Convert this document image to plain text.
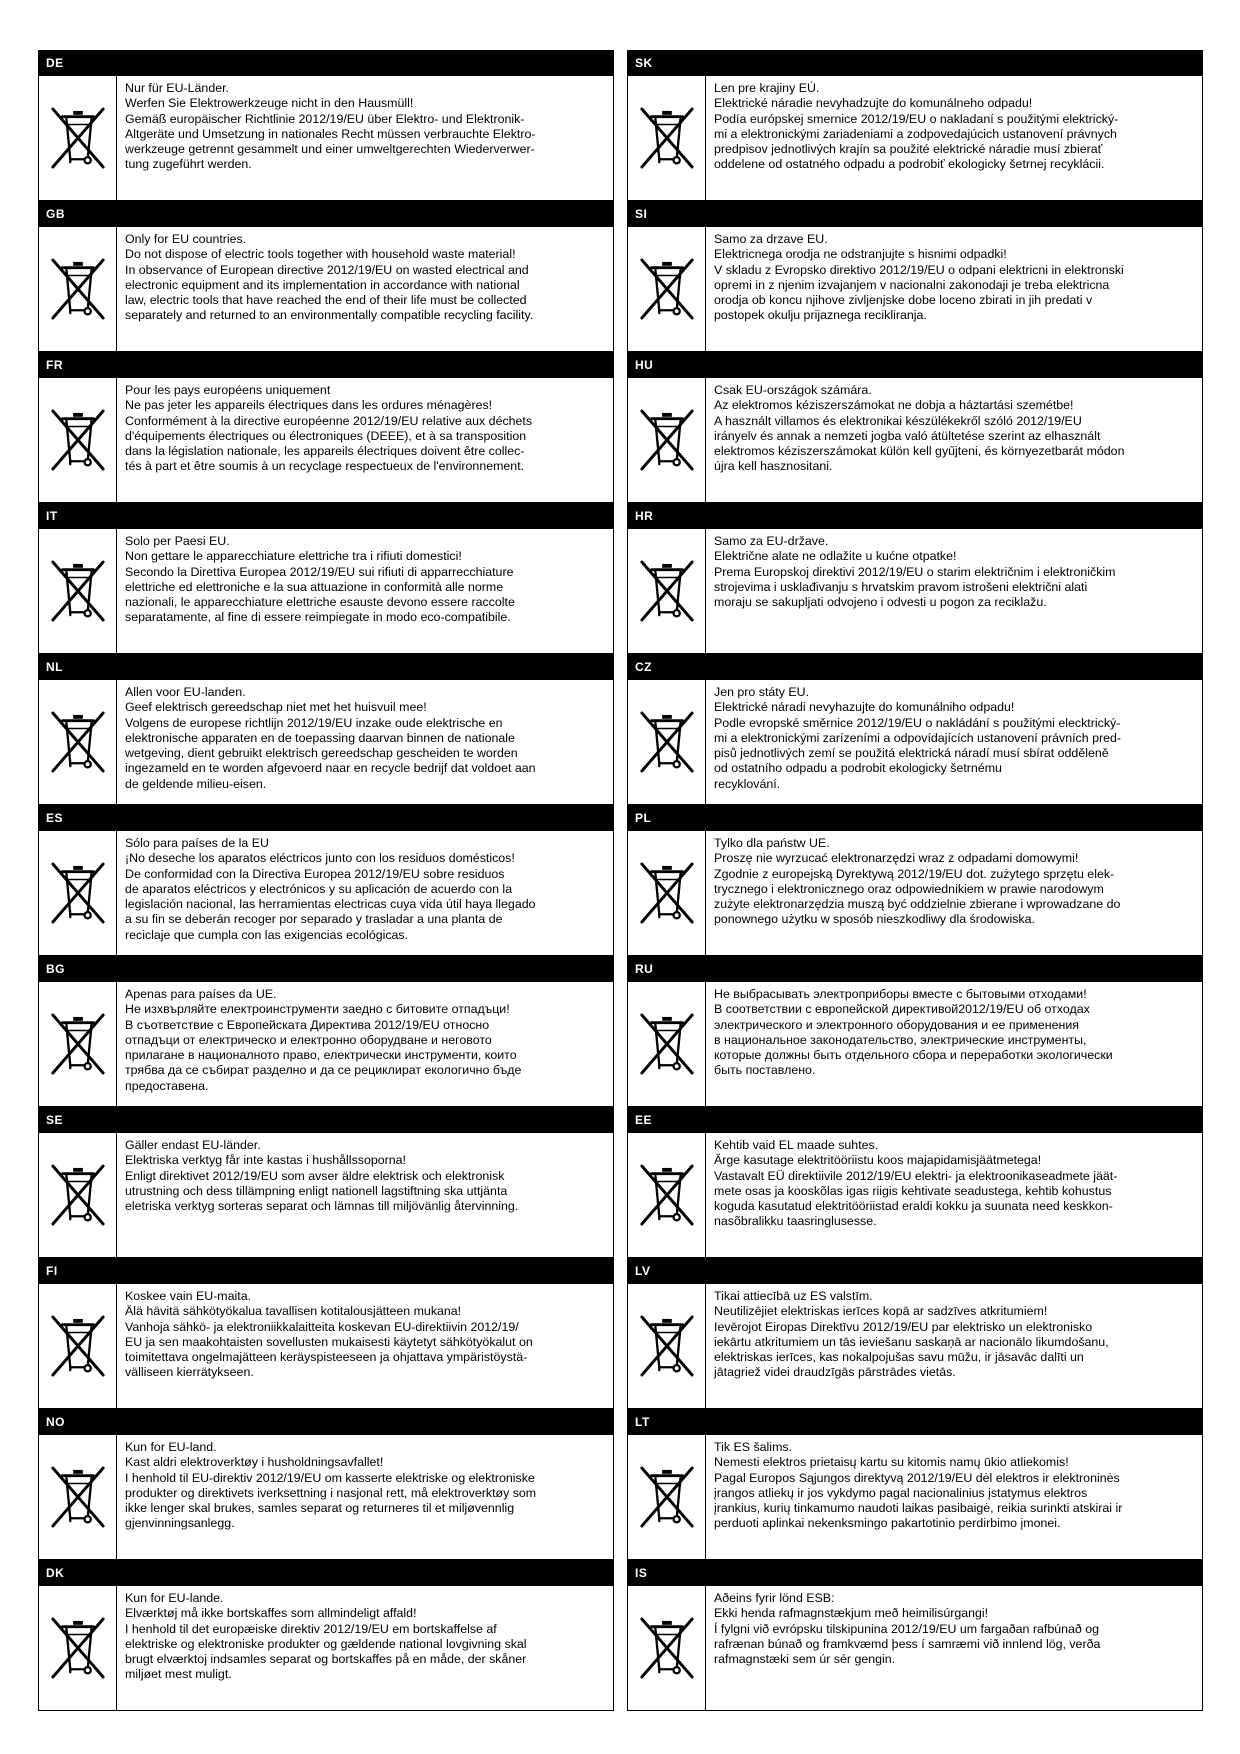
DE
Nur für EU-Länder.
Werfen Sie Elektrowerkzeuge nicht in den Hausmüll!
Gemäß europäischer Richtlinie 2012/19/EU über Elektro- und Elektronik-
Altgeräte und Umsetzung in nationales Recht müssen verbrauchte Elektro-
werkzeuge getrennt gesammelt und einer umweltgerechten Wiederverwer-
tung zugeführt werden.
GB
Only for EU countries.
Do not dispose of electric tools together with household waste material!
In observance of European directive 2012/19/EU on wasted electrical and
electronic equipment and its implementation in accordance with national
law, electric tools that have reached the end of their life must be collected
separately and returned to an environmentally compatible recycling facility.
FR
Pour les pays européens uniquement
Ne pas jeter les appareils électriques dans les ordures ménagères!
Conformément à la directive européenne 2012/19/EU relative aux déchets
d'équipements électriques ou électroniques (DEEE), et à sa transposition
dans la législation nationale, les appareils électriques doivent être collec-
tés à part et être soumis à un recyclage respectueux de l'environnement.
IT
Solo per Paesi EU.
Non gettare le apparecchiature elettriche tra i rifiuti domestici!
Secondo la Direttiva Europea 2012/19/EU sui rifiuti di apparrecchiature
elettriche ed elettroniche e la sua attuazione in conformità alle norme
nazionali, le apparecchiature elettriche esauste devono essere raccolte
separatamente, al fine di essere reimpiegate in modo eco-compatibile.
NL
Allen voor EU-landen.
Geef elektrisch gereedschap niet met het huisvuil mee!
Volgens de europese richtlijn 2012/19/EU inzake oude elektrische en
elektronische apparaten en de toepassing daarvan binnen de nationale
wetgeving, dient gebruikt elektrisch gereedschap gescheiden te worden
ingezameld en te worden afgevoerd naar en recycle bedrijf dat voldoet aan
de geldende milieu-eisen.
ES
Sólo para países de la EU
¡No deseche los aparatos eléctricos junto con los residuos domésticos!
De conformidad con la Directiva Europea 2012/19/EU sobre residuos
de aparatos eléctricos y electrónicos y su aplicación de acuerdo con la
legislación nacional, las herramientas electricas cuya vida útil haya llegado
a su fin se deberán recoger por separado y trasladar a una planta de
reciclaje que cumpla con las exigencias ecológicas.
BG
Apenas para países da UE.
Не изхвърляйте електроинструменти заедно с битовите отпадъци!
В съответствие с Европейската Директива 2012/19/EU относно
отпадъци от електрическо и електронно оборудване и неговото
прилагане в националното право, електрически инструменти, които
трябва да се събират разделно и да се рециклират екологично бъде
предоставена.
SE
Gäller endast EU-länder.
Elektriska verktyg får inte kastas i hushållssoporna!
Enligt direktivet 2012/19/EU som avser äldre elektrisk och elektronisk
utrustning och dess tillämpning enligt nationell lagstiftning ska uttjänta
eletriska verktyg sorteras separat och lämnas till miljövänlig återvinning.
FI
Koskee vain EU-maita.
Älä hävitä sähkötyökalua tavallisen kotitalousjätteen mukana!
Vanhoja sähkö- ja elektroniikkalaitteita koskevan EU-direktiivin 2012/19/
EU ja sen maakohtaisten sovellusten mukaisesti käytetyt sähkötyökalut on
toimitettava ongelmajätteen keräyspisteeseen ja ohjattava ympäristöystä-
välliseen kierrätykseen.
NO
Kun for EU-land.
Kast aldri elektroverktøy i husholdningsavfallet!
I henhold til EU-direktiv 2012/19/EU om kasserte elektriske og elektroniske
produkter og direktivets iverksettning i nasjonal rett, må elektroverktøy som
ikke lenger skal brukes, samles separat og returneres til et miljøvennlig
gjenvinningsanlegg.
DK
Kun for EU-lande.
Elværktøj må ikke bortskaffes som allmindeligt affald!
I henhold til det europæiske direktiv 2012/19/EU em bortskaffelse af
elektriske og elektroniske produkter og gældende national lovgivning skal
brugt elværktoj indsamles separat og bortskaffes på en måde, der skåner
miljøet mest muligt.
SK
Len pre krajiny EÚ.
Elektrické náradie nevyhadzujte do komunálneho odpadu!
Podía európskej smernice 2012/19/EU o nakladaní s použitými elektrický-
mi a elektronickými zariadeniami a zodpovedajúcich ustanovení právnych
predpisov jednotlivých krajín sa použité elektrické náradie musí zbierať
oddelene od ostatného odpadu a podrobiť ekologicky šetrnej recyklácii.
SI
Samo za drzave EU.
Elektricnega orodja ne odstranjujte s hisnimi odpadki!
V skladu z Evropsko direktivo 2012/19/EU o odpani elektricni in elektronski
opremi in z njenim izvajanjem v nacionalni zakonodaji je treba elektricna
orodja ob koncu njihove zivljenjske dobe loceno zbirati in jih predati v
postopek okulju prijaznega recikliranja.
HU
Csak EU-országok számára.
Az elektromos kéziszerszámokat ne dobja a háztartási szemétbe!
A használt villamos és elektronikai készülékekről szóló 2012/19/EU
irányelv és annak a nemzeti jogba való átültetése szerint az elhasznált
elektromos kéziszerszámokat külön kell gyűjteni, és környezetbarát módon
újra kell hasznositani.
HR
Samo za EU-države.
Električne alate ne odlažite u kućne otpatke!
Prema Europskoj direktivi 2012/19/EU o starim električnim i elektroničkim
strojevima i usklađivanju s hrvatskim pravom istrošeni električni alati
moraju se sakupljati odvojeno i odvesti u pogon za reciklažu.
CZ
Jen pro státy EU.
Elektrické náradi nevyhazujte do komunálniho odpadu!
Podle evropské směrnice 2012/19/EU o nakládání s použitými elecktrický-
mi a elektronickými zarízeními a odpovídajících ustanovení právních pred-
pisů jednotlivých zemí se použitá elektrická náradí musí sbírat odděleně
od ostatního odpadu a podrobit ekologicky šetrnému
recyklování.
PL
Tylko dla państw UE.
Proszę nie wyrzucać elektronarzędzi wraz z odpadami domowymi!
Zgodnie z europejską Dyrektywą 2012/19/EU dot. zużytego sprzętu elek-
trycznego i elektronicznego oraz odpowiednikiem w prawie narodowym
zużyte elektronarzędzia muszą być oddzielnie zbierane i wprowadzane do
ponownego użytku w sposób nieszkodliwy dla środowiska.
RU
Не выбрасывать электроприборы вместе с бытовыми отходами!
В соответствии с европейской директивой2012/19/EU об отходах
электрического и электронного оборудования и ее применения
в национальное законодательство, электрические инструменты,
которые должны быть отдельного сбора и переработки экологически
быть поставлено.
EE
Kehtib vaid EL maade suhtes.
Ärge kasutage elektritööriistu koos majapidamisjäätmetega!
Vastavalt EÜ direktiivile 2012/19/EU elektri- ja elektroonikaseadmete jäät-
mete osas ja kooskõlas igas riigis kehtivate seadustega, kehtib kohustus
koguda kasutatud elektritööriistad eraldi kokku ja suunata need keskkon-
nasõbralikku taasringlusesse.
LV
Tikai attiecībā uz ES valstīm.
Neutilizējiet elektriskas ierīces kopā ar sadzīves atkritumiem!
Ievērojot Eiropas Direktīvu 2012/19/EU par elektrisko un elektronisko
iekārtu atkritumiem un tās ieviešanu saskaņā ar nacionālo likumdošanu,
elektriskas ierīces, kas nokalpojušas savu mūžu, ir jāsavāc dalīti un
jātagriež videi draudzīgās pārstrādes vietās.
LT
Tik ES šalims.
Nemesti elektros prietaisų kartu su kitomis namų ūkio atliekomis!
Pagal Europos Sąjungos direktyvą 2012/19/EU dėl elektros ir elektroninės
įrangos atliekų ir jos vykdymo pagal nacionalinius įstatymus elektros
įrankius, kurių tinkamumo naudoti laikas pasibaigė, reikia surinkti atskirai ir
perduoti aplinkai nekenksmingo pakartotinio perdirbimo įmonei.
IS
Aðeins fyrir lönd ESB:
Ekki henda rafmagnstækjum með heimilisúrgangi!
Í fylgni við evrópsku tilskipunina 2012/19/EU um fargaðan rafbúnað og
rafrænan búnað og framkvæmd þess í samræmi við innlend lög, verða
rafmagnstæki sem úr sér gengin.
